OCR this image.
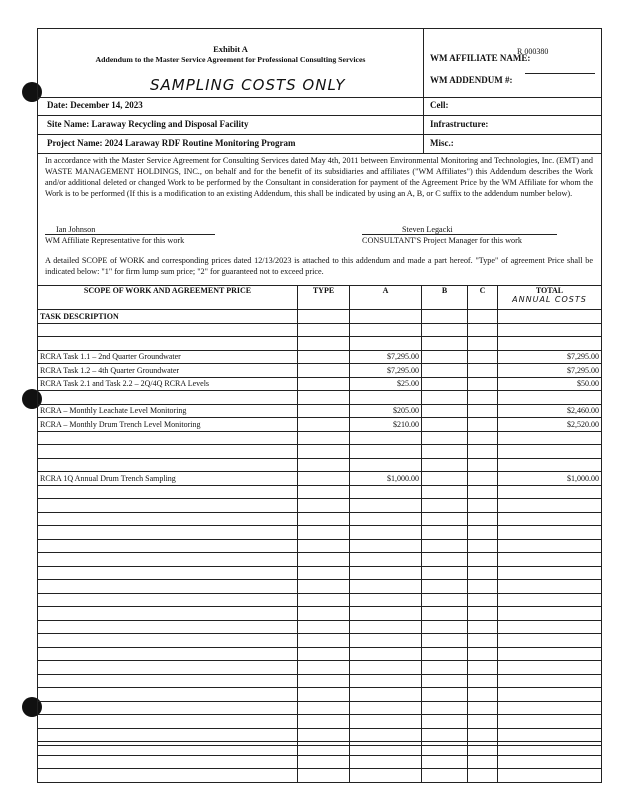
Exhibit A
Addendum to the Master Service Agreement for Professional Consulting Services
SAMPLING COSTS ONLY
R 000380
WM AFFILIATE NAME:
WM ADDENDUM #:
Date: December 14, 2023	Cell:
Site Name: Laraway Recycling and Disposal Facility	Infrastructure:
Project Name: 2024 Laraway RDF Routine Monitoring Program	Misc.:
In accordance with the Master Service Agreement for Consulting Services dated May 4th, 2011 between Environmental Monitoring and Technologies, Inc. (EMT) and WASTE MANAGEMENT HOLDINGS, INC., on behalf and for the benefit of its subsidiaries and affiliates ("WM Affiliates") this Addendum describes the Work and/or additional deleted or changed Work to be performed by the Consultant in consideration for payment of the Agreement Price by the WM Affiliate for whom the Work is to be performed (If this is a modification to an existing Addendum, this shall be indicated by using an A, B, or C suffix to the addendum number below).
Ian Johnson
WM Affiliate Representative for this work
Steven Legacki
CONSULTANT'S Project Manager for this work
A detailed SCOPE of WORK and corresponding prices dated 12/13/2023 is attached to this addendum and made a part hereof. "Type" of agreement Price shall be indicated below: "1" for firm lump sum price; "2" for guaranteed not to exceed price.
SCOPE OF WORK AND AGREEMENT PRICE	TYPE	A	B	C	TOTAL
ANNUAL COSTS

TASK DESCRIPTION					

RCRA Task 1.1 – 2nd Quarter Groundwater		$7,295.00			$7,295.00
RCRA Task 1.2 – 4th Quarter Groundwater		$7,295.00			$7,295.00
RCRA Task 2.1 and Task 2.2 – 2Q/4Q RCRA Levels		$25.00			$50.00

RCRA – Monthly Leachate Level Monitoring		$205.00			$2,460.00
RCRA – Monthly Drum Trench Level Monitoring		$210.00			$2,520.00

RCRA 1Q Annual Drum Trench Sampling		$1,000.00			$1,000.00
